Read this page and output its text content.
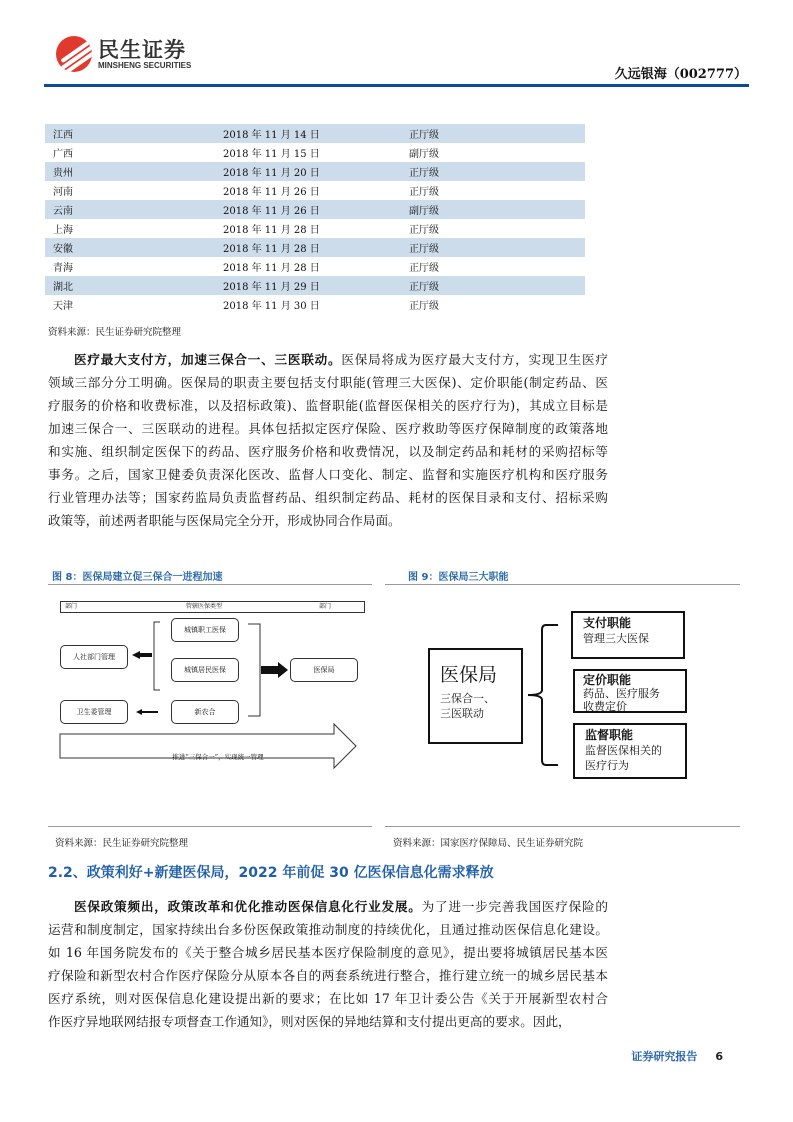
民生证券
MINSHENG SECURITIES
久远银海（002777）
江西	2018 年 11 月 14 日	正厅级
广西	2018 年 11 月 15 日	副厅级
贵州	2018 年 11 月 20 日	正厅级
河南	2018 年 11 月 26 日	正厅级
云南	2018 年 11 月 26 日	副厅级
上海	2018 年 11 月 28 日	正厅级
安徽	2018 年 11 月 28 日	正厅级
青海	2018 年 11 月 28 日	正厅级
湖北	2018 年 11 月 29 日	正厅级
天津	2018 年 11 月 30 日	正厅级
资料来源：民生证券研究院整理
医疗最大支付方，加速三保合一、三医联动。医保局将成为医疗最大支付方，实现卫生医疗
领域三部分分工明确。医保局的职责主要包括支付职能(管理三大医保)、定价职能(制定药品、医
疗服务的价格和收费标准，以及招标政策)、监督职能(监督医保相关的医疗行为)，其成立目标是
加速三保合一、三医联动的进程。具体包括拟定医疗保险、医疗救助等医疗保障制度的政策落地
和实施、组织制定医保下的药品、医疗服务价格和收费情况，以及制定药品和耗材的采购招标等
事务。之后，国家卫健委负责深化医改、监督人口变化、制定、监督和实施医疗机构和医疗服务
行业管理办法等；国家药监局负责监督药品、组织制定药品、耗材的医保目录和支付、招标采购
政策等，前述两者职能与医保局完全分开，形成协同合作局面。
图 8：医保局建立促三保合一进程加速	图 9：医保局三大职能
部门	管辖医保类型	部门
城镇职工医保
城镇居民医保
新农合
人社部门管理
卫生委管理
医保局
推进“三保合一”，实现统一管理
医保局
三保合一、
三医联动
支付职能
管理三大医保
定价职能
药品、医疗服务
收费定价
监督职能
监督医保相关的
医疗行为
资料来源：民生证券研究院整理	资料来源：国家医疗保障局、民生证券研究院
2.2、政策利好+新建医保局，2022 年前促 30 亿医保信息化需求释放
医保政策频出，政策改革和优化推动医保信息化行业发展。为了进一步完善我国医疗保险的
运营和制度制定，国家持续出台多份医保政策推动制度的持续优化，且通过推动医保信息化建设。
如 16 年国务院发布的《关于整合城乡居民基本医疗保险制度的意见》，提出要将城镇居民基本医
疗保险和新型农村合作医疗保险分从原本各自的两套系统进行整合，推行建立统一的城乡居民基本
医疗系统，则对医保信息化建设提出新的要求；在比如 17 年卫计委公告《关于开展新型农村合
作医疗异地联网结报专项督查工作通知》，则对医保的异地结算和支付提出更高的要求。因此，
证券研究报告 6
